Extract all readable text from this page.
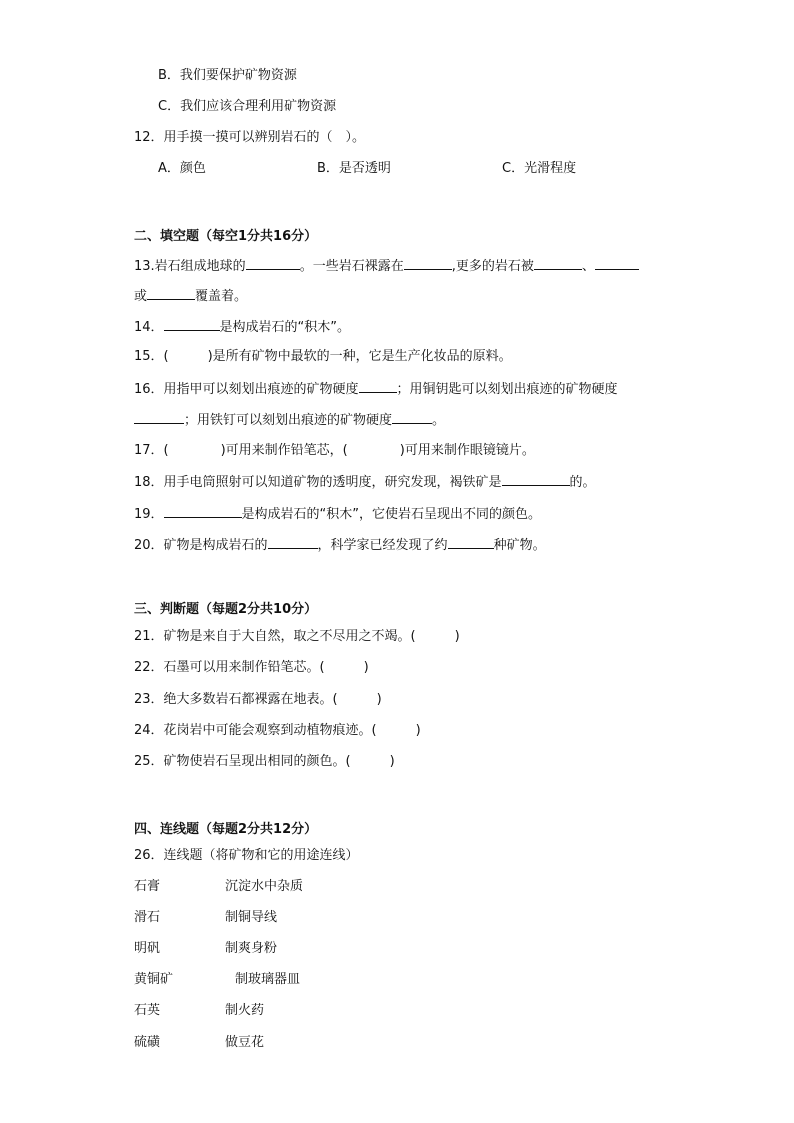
B．我们要保护矿物资源
C．我们应该合理利用矿物资源
12．用手摸一摸可以辨别岩石的（　）。
A．颜色	B．是否透明	C．光滑程度
二、填空题（每空1分共16分）
13.岩石组成地球的	。一些岩石裸露在	,更多的岩石被	、
或	覆盖着。
14．	是构成岩石的“积木”。
15．(　　　)是所有矿物中最软的一种，它是生产化妆品的原料。
16．用指甲可以刻划出痕迹的矿物硬度	；用铜钥匙可以刻划出痕迹的矿物硬度
；用铁钉可以刻划出痕迹的矿物硬度	。
17．(　　　　)可用来制作铅笔芯，(　　　　)可用来制作眼镜镜片。
18．用手电筒照射可以知道矿物的透明度，研究发现，褐铁矿是	的。
19．	是构成岩石的“积木”，它使岩石呈现出不同的颜色。
20．矿物是构成岩石的	，科学家已经发现了约	种矿物。
三、判断题（每题2分共10分）
21．矿物是来自于大自然，取之不尽用之不竭。(　　　)
22．石墨可以用来制作铅笔芯。(　　　)
23．绝大多数岩石都裸露在地表。(　　　)
24．花岗岩中可能会观察到动植物痕迹。(　　　)
25．矿物使岩石呈现出相同的颜色。(　　　)
四、连线题（每题2分共12分）
26．连线题（将矿物和它的用途连线）
石膏	沉淀水中杂质
滑石	制铜导线
明矾	制爽身粉
黄铜矿	制玻璃器皿
石英	制火药
硫磺	做豆花
